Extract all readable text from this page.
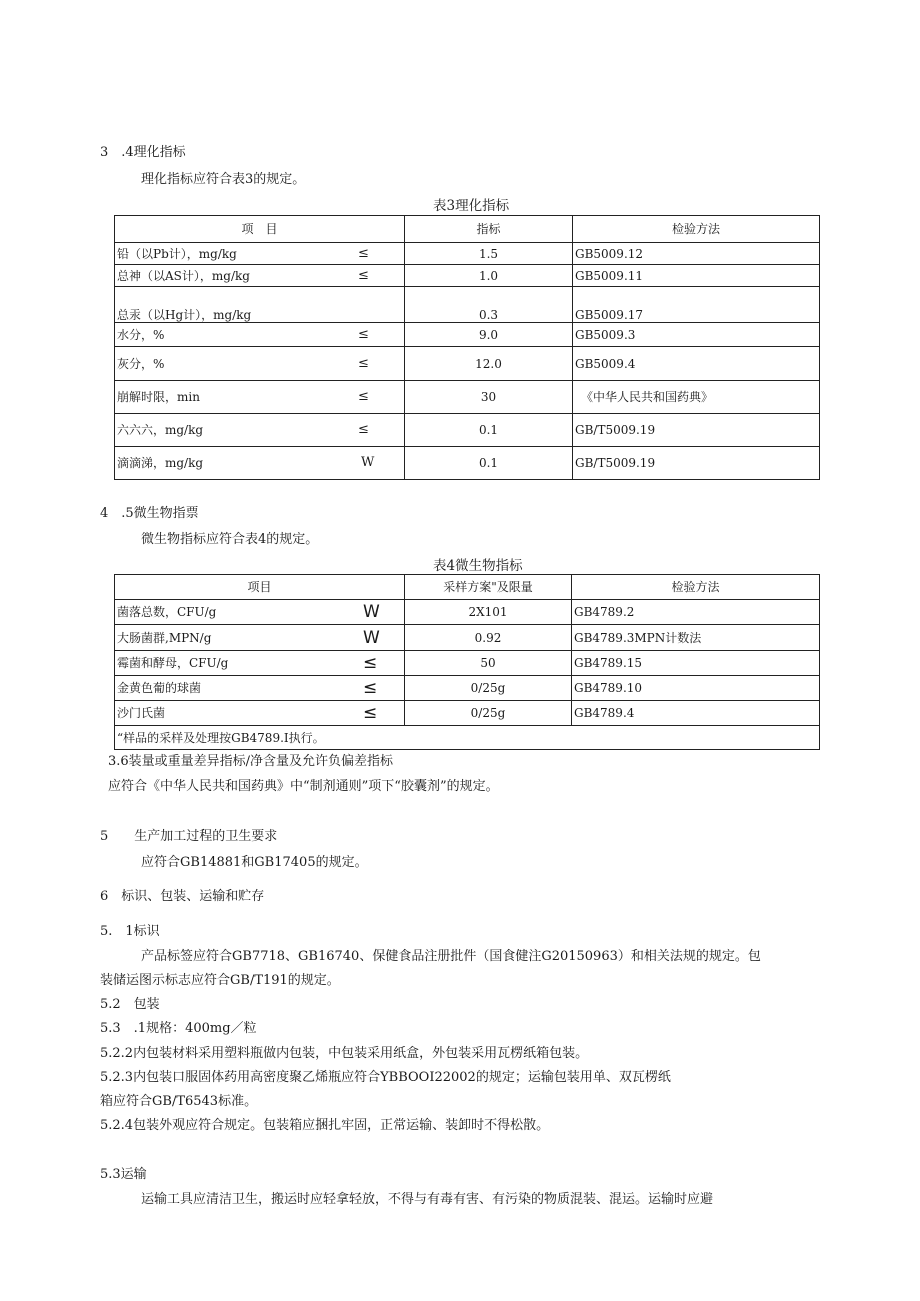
3　.4理化指标
理化指标应符合表3的规定。
表3理化指标
项　目	指标	检验方法
铅（以Pb计），mg/kg ≤	1.5	GB5009.12
总神（以AS计），mg/kg ≤	1.0	GB5009.11
总汞（以Hg计），mg/kg	0.3	GB5009.17
水分，% ≤	9.0	GB5009.3
灰分，% ≤	12.0	GB5009.4
崩解时限，min ≤	30	《中华人民共和国药典》
六六六，mg/kg ≤	0.1	GB/T5009.19
滴滴涕，mg/kg W	0.1	GB/T5009.19
4　.5微生物指票
微生物指标应符合表4的规定。
表4微生物指标
项目	采样方案"及限量	检验方法
菌落总数，CFU/g W	2X101	GB4789.2
大肠菌群,MPN/g W	0.92	GB4789.3MPN计数法
霉菌和酵母，CFU/g ≤	50	GB4789.15
金黄色葡的球菌 ≤	0/25g	GB4789.10
沙门氏菌 ≤	0/25g	GB4789.4
“样品的采样及处理按GB4789.I执行。		
3.6装量或重量差异指标/净含量及允许负偏差指标
应符合《中华人民共和国药典》中“制剂通则”项下“胶囊剂”的规定。
5　　生产加工过程的卫生要求
应符合GB14881和GB17405的规定。
6　标识、包装、运输和贮存
5.　1标识
产品标签应符合GB7718、GB16740、保健食品注册批件（国食健注G20150963）和相关法规的规定。包
装储运图示标志应符合GB/T191的规定。
5.2　包装
5.3　.1规格：400mg／粒
5.2.2内包装材料采用塑料瓶做内包装，中包装采用纸盒，外包装采用瓦楞纸箱包装。
5.2.3内包装口服固体药用高密度聚乙烯瓶应符合YBBOOI22002的规定；运输包装用单、双瓦楞纸
箱应符合GB/T6543标准。
5.2.4包装外观应符合规定。包装箱应捆扎牢固，正常运输、装卸时不得松散。
5.3运输
运输工具应清洁卫生，搬运时应轻拿轻放，不得与有毒有害、有污染的物质混装、混运。运输时应避
